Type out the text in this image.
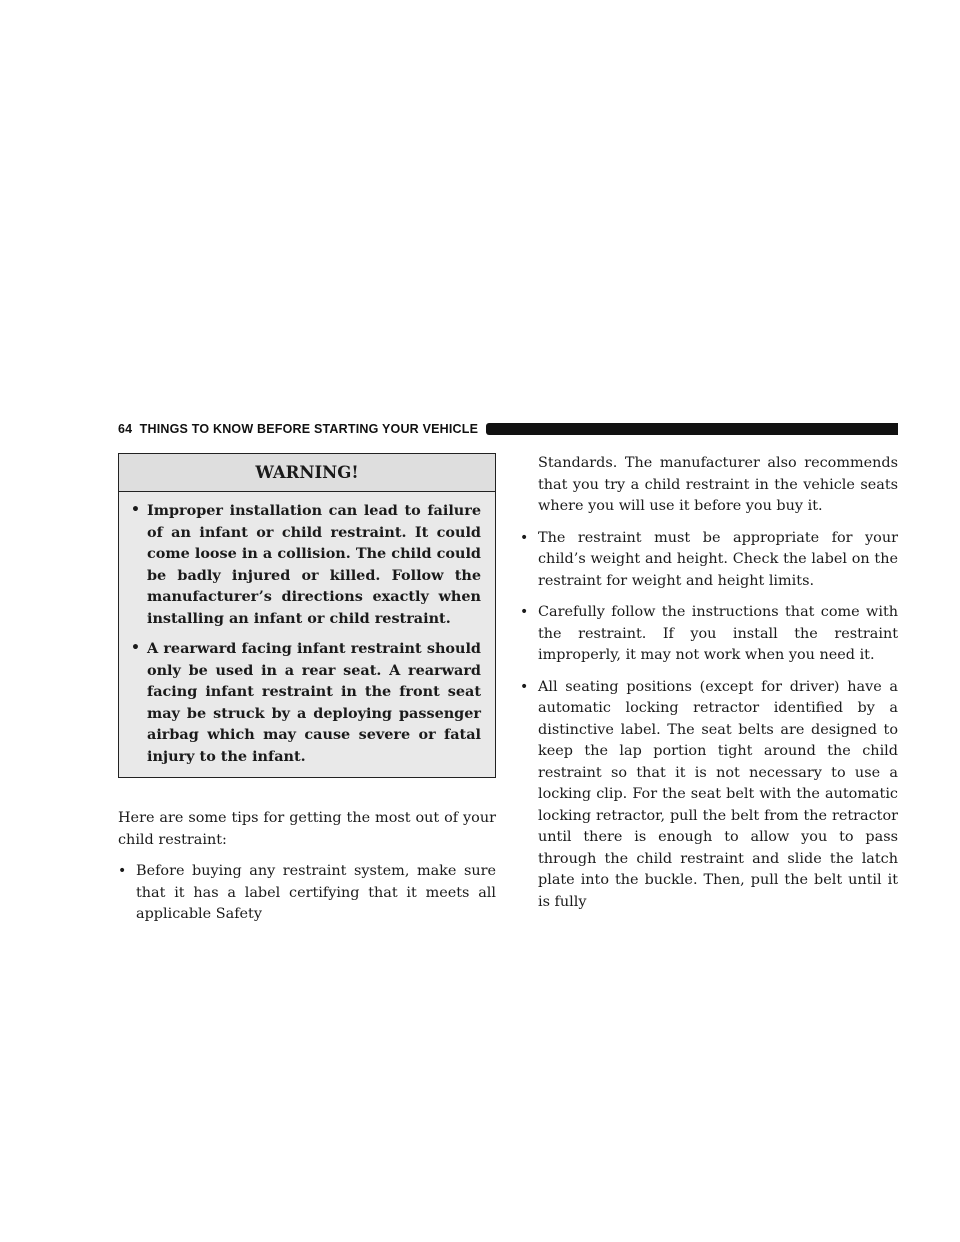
64 THINGS TO KNOW BEFORE STARTING YOUR VEHICLE
WARNING!
• Improper installation can lead to failure of an infant or child restraint. It could come loose in a collision. The child could be badly injured or killed. Follow the manufacturer’s directions exactly when installing an infant or child restraint.
• A rearward facing infant restraint should only be used in a rear seat. A rearward facing infant restraint in the front seat may be struck by a deploying passenger airbag which may cause severe or fatal injury to the infant.

Here are some tips for getting the most out of your child restraint:

• Before buying any restraint system, make sure that it has a label certifying that it meets all applicable Safety

Standards. The manufacturer also recommends that you try a child restraint in the vehicle seats where you will use it before you buy it.

• The restraint must be appropriate for your child’s weight and height. Check the label on the restraint for weight and height limits.
• Carefully follow the instructions that come with the restraint. If you install the restraint improperly, it may not work when you need it.
• All seating positions (except for driver) have a automatic locking retractor identified by a distinctive label. The seat belts are designed to keep the lap portion tight around the child restraint so that it is not necessary to use a locking clip. For the seat belt with the automatic locking retractor, pull the belt from the retractor until there is enough to allow you to pass through the child restraint and slide the latch plate into the buckle. Then, pull the belt until it is fully
